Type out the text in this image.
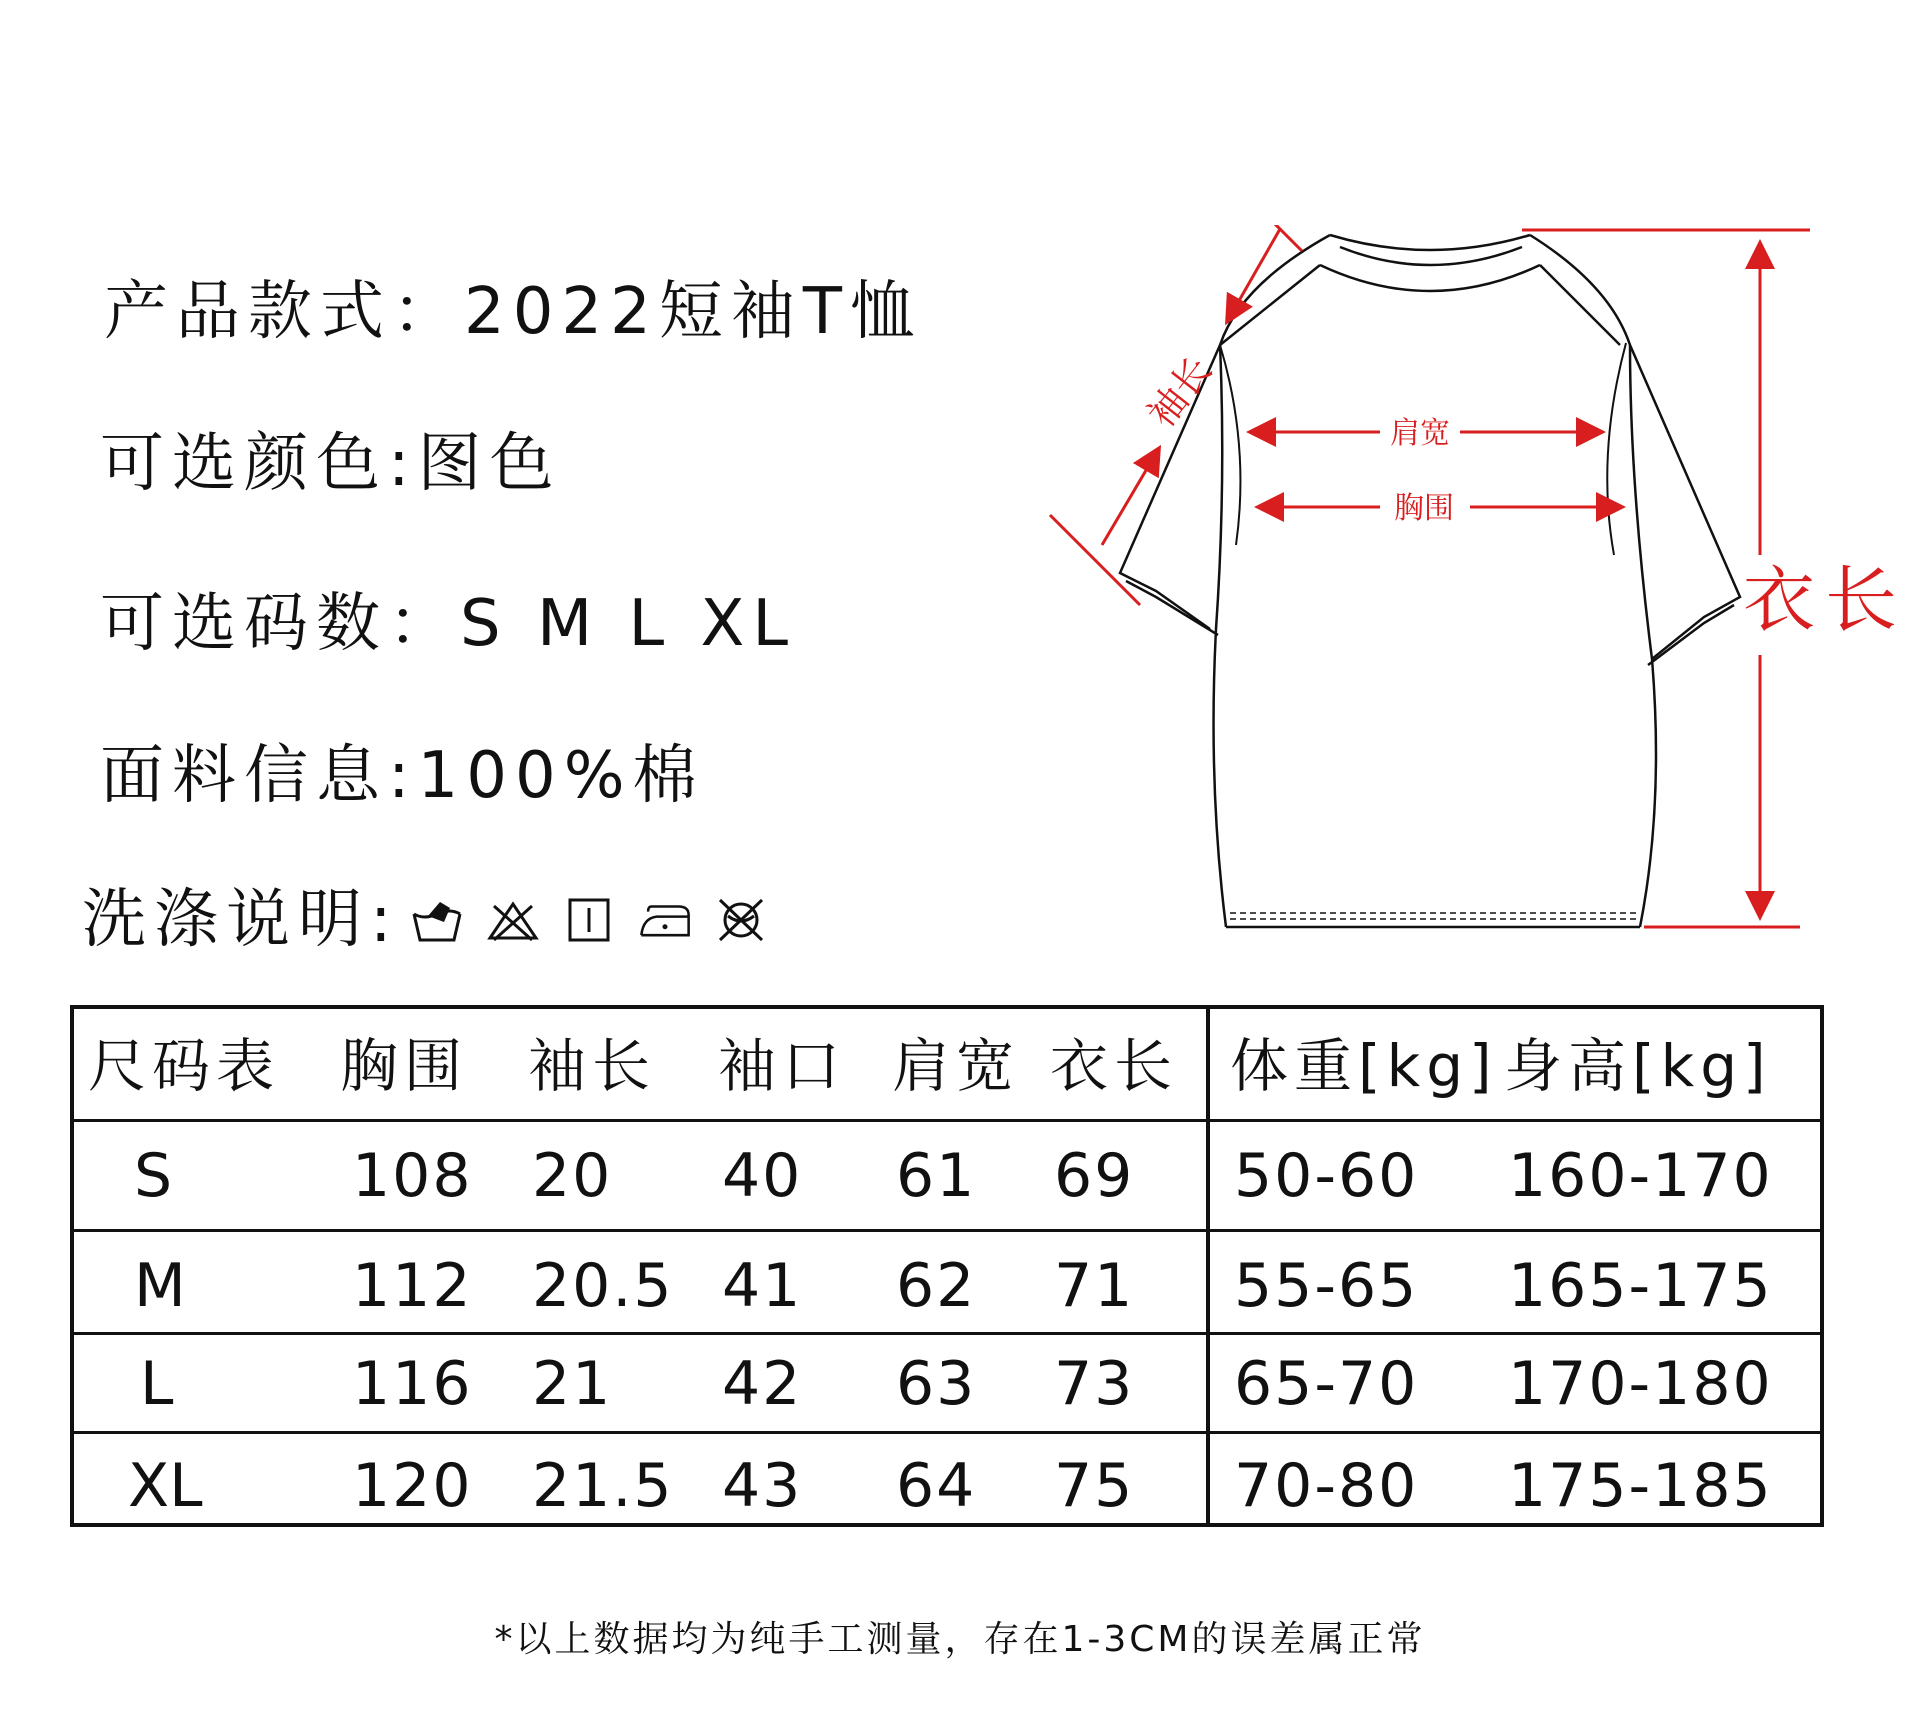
产品款式：2022短袖T恤
可选颜色:图色
可选码数：S M L XL
面料信息:100%棉
洗涤说明:
袖长	肩宽
胸围
衣长
尺码表 胸围 袖长 袖口 肩宽 衣长 体重[kg] 身高[kg]
S	108 20 40 61 69 50-60 160-170
M	112 20.5 41 62 71 55-65 165-175
L	116 21 42 63 73 65-70 170-180
XL 120 21.5 43 64 75 70-80 175-185
*以上数据均为纯手工测量，存在1-3CM的误差属正常
